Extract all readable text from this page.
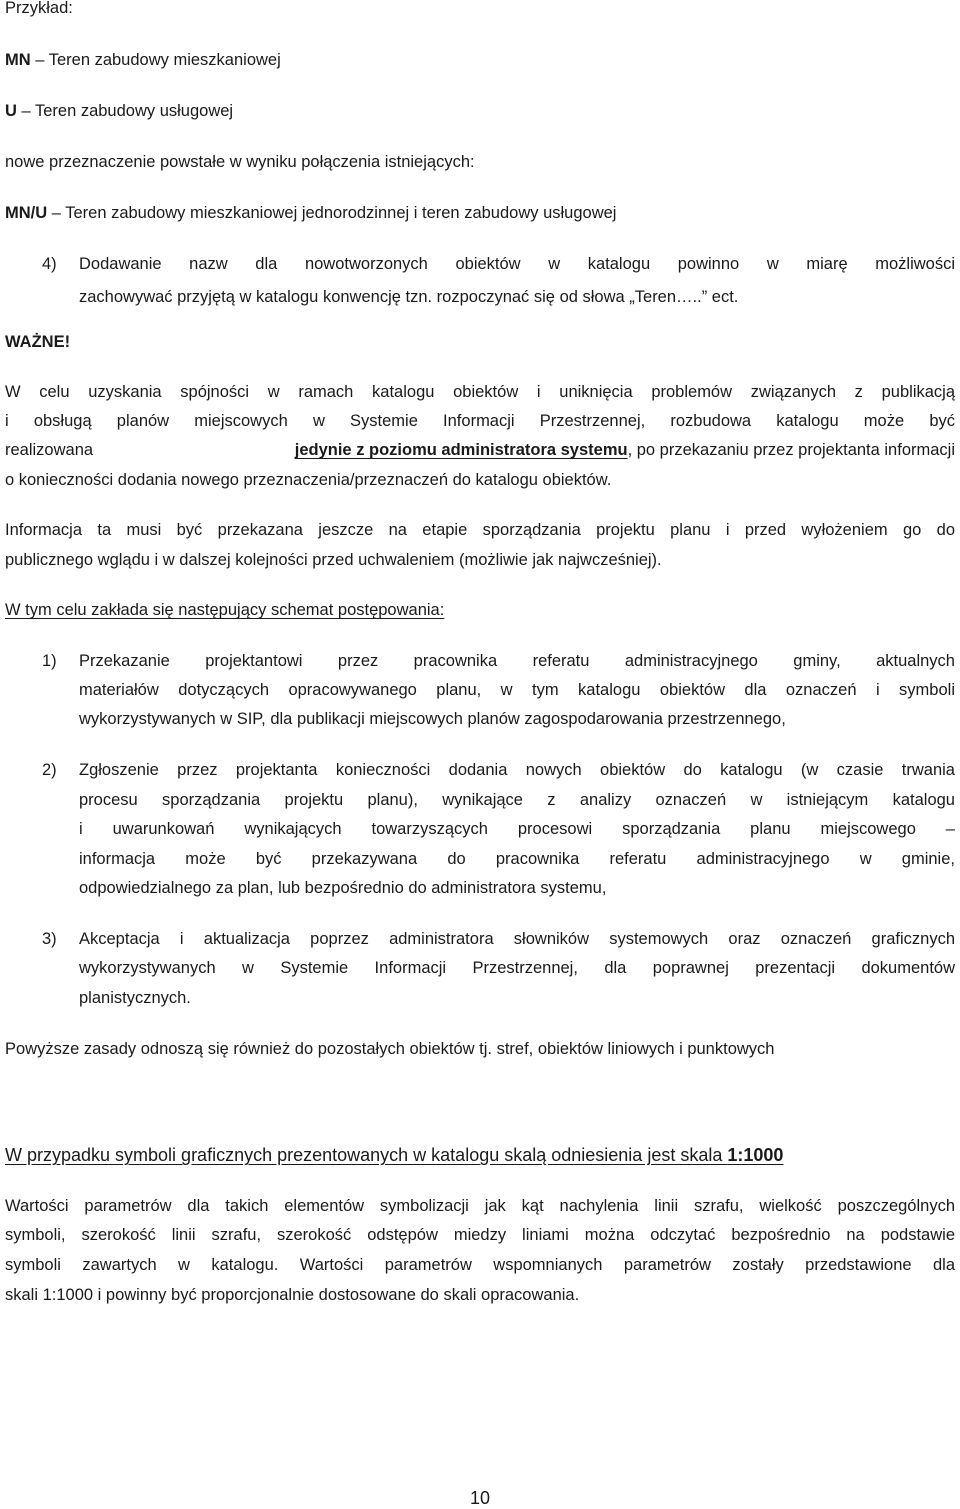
Przykład:
MN – Teren zabudowy mieszkaniowej
U – Teren zabudowy usługowej
nowe przeznaczenie powstałe w wyniku połączenia istniejących:
MN/U – Teren zabudowy mieszkaniowej jednorodzinnej i teren zabudowy usługowej
4) Dodawanie nazw dla nowotworzonych obiektów w katalogu powinno w miarę możliwości
zachowywać przyjętą w katalogu konwencję tzn. rozpoczynać się od słowa „Teren…..” ect.
WAŻNE!
W celu uzyskania spójności w ramach katalogu obiektów i uniknięcia problemów związanych z publikacją
i obsługą planów miejscowych w Systemie Informacji Przestrzennej, rozbudowa katalogu może być
realizowana	jedynie z poziomu administratora systemu, po przekazaniu przez projektanta informacji
o konieczności dodania nowego przeznaczenia/przeznaczeń do katalogu obiektów.
Informacja ta musi być przekazana jeszcze na etapie sporządzania projektu planu i przed wyłożeniem go do
publicznego wglądu i w dalszej kolejności przed uchwaleniem (możliwie jak najwcześniej).
W tym celu zakłada się następujący schemat postępowania:
1) Przekazanie projektantowi przez pracownika referatu administracyjnego gminy, aktualnych
materiałów dotyczących opracowywanego planu, w tym katalogu obiektów dla oznaczeń i symboli
wykorzystywanych w SIP, dla publikacji miejscowych planów zagospodarowania przestrzennego,
2) Zgłoszenie przez projektanta konieczności dodania nowych obiektów do katalogu (w czasie trwania
procesu sporządzania projektu planu), wynikające z analizy oznaczeń w istniejącym katalogu
i uwarunkowań wynikających towarzyszących procesowi sporządzania planu miejscowego –
informacja może być przekazywana do pracownika referatu administracyjnego w gminie,
odpowiedzialnego za plan, lub bezpośrednio do administratora systemu,
3) Akceptacja i aktualizacja poprzez administratora słowników systemowych oraz oznaczeń graficznych
wykorzystywanych w Systemie Informacji Przestrzennej, dla poprawnej prezentacji dokumentów
planistycznych.
Powyższe zasady odnoszą się również do pozostałych obiektów tj. stref, obiektów liniowych i punktowych
W przypadku symboli graficznych prezentowanych w katalogu skalą odniesienia jest skala 1:1000
Wartości parametrów dla takich elementów symbolizacji jak kąt nachylenia linii szrafu, wielkość poszczególnych
symboli, szerokość linii szrafu, szerokość odstępów miedzy liniami można odczytać bezpośrednio na podstawie
symboli zawartych w katalogu. Wartości parametrów wspomnianych parametrów zostały przedstawione dla
skali 1:1000 i powinny być proporcjonalnie dostosowane do skali opracowania.
10
